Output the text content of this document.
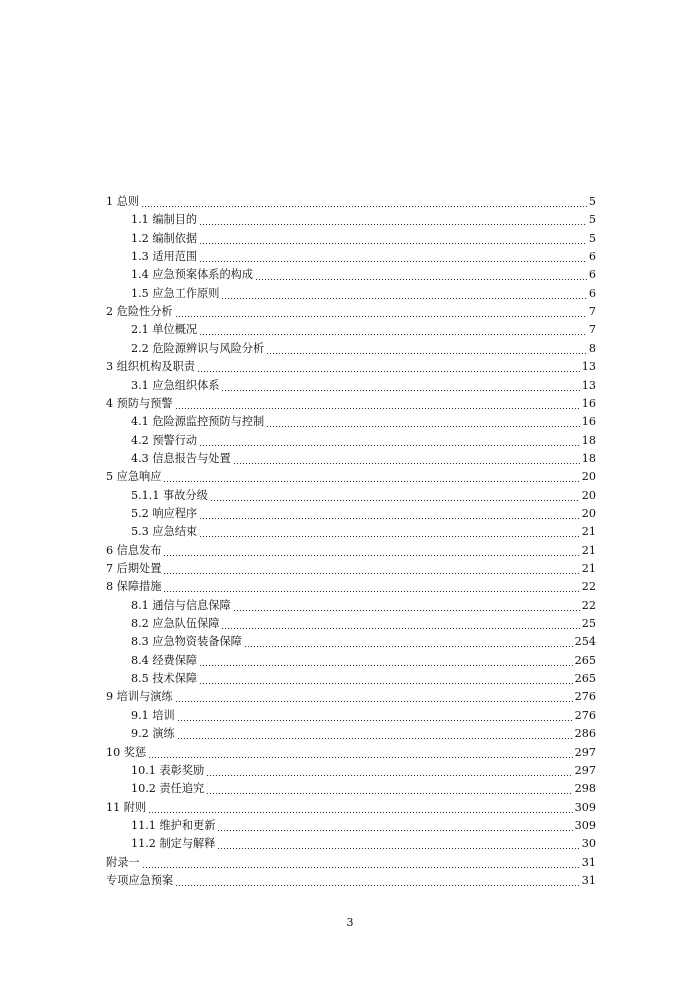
1 总则	5
1.1 编制目的	5
1.2 编制依据	5
1.3 适用范围	6
1.4 应急预案体系的构成	6
1.5 应急工作原则	6
2 危险性分析	7
2.1 单位概况	7
2.2 危险源辨识与风险分析	8
3 组织机构及职责	13
3.1 应急组织体系	13
4 预防与预警	16
4.1 危险源监控预防与控制	16
4.2 预警行动	18
4.3 信息报告与处置	18
5 应急响应	20
5.1.1 事故分级	20
5.2 响应程序	20
5.3 应急结束	21
6 信息发布	21
7 后期处置	21
8 保障措施	22
8.1 通信与信息保障	22
8.2 应急队伍保障	25
8.3 应急物资装备保障	254
8.4 经费保障	265
8.5 技术保障	265
9 培训与演练	276
9.1 培训	276
9.2 演练	286
10 奖惩	297
10.1 表彰奖励	297
10.2 责任追究	298
11 附则	309
11.1 维护和更新	309
11.2 制定与解释	30
附录一	31
专项应急预案	31
3
